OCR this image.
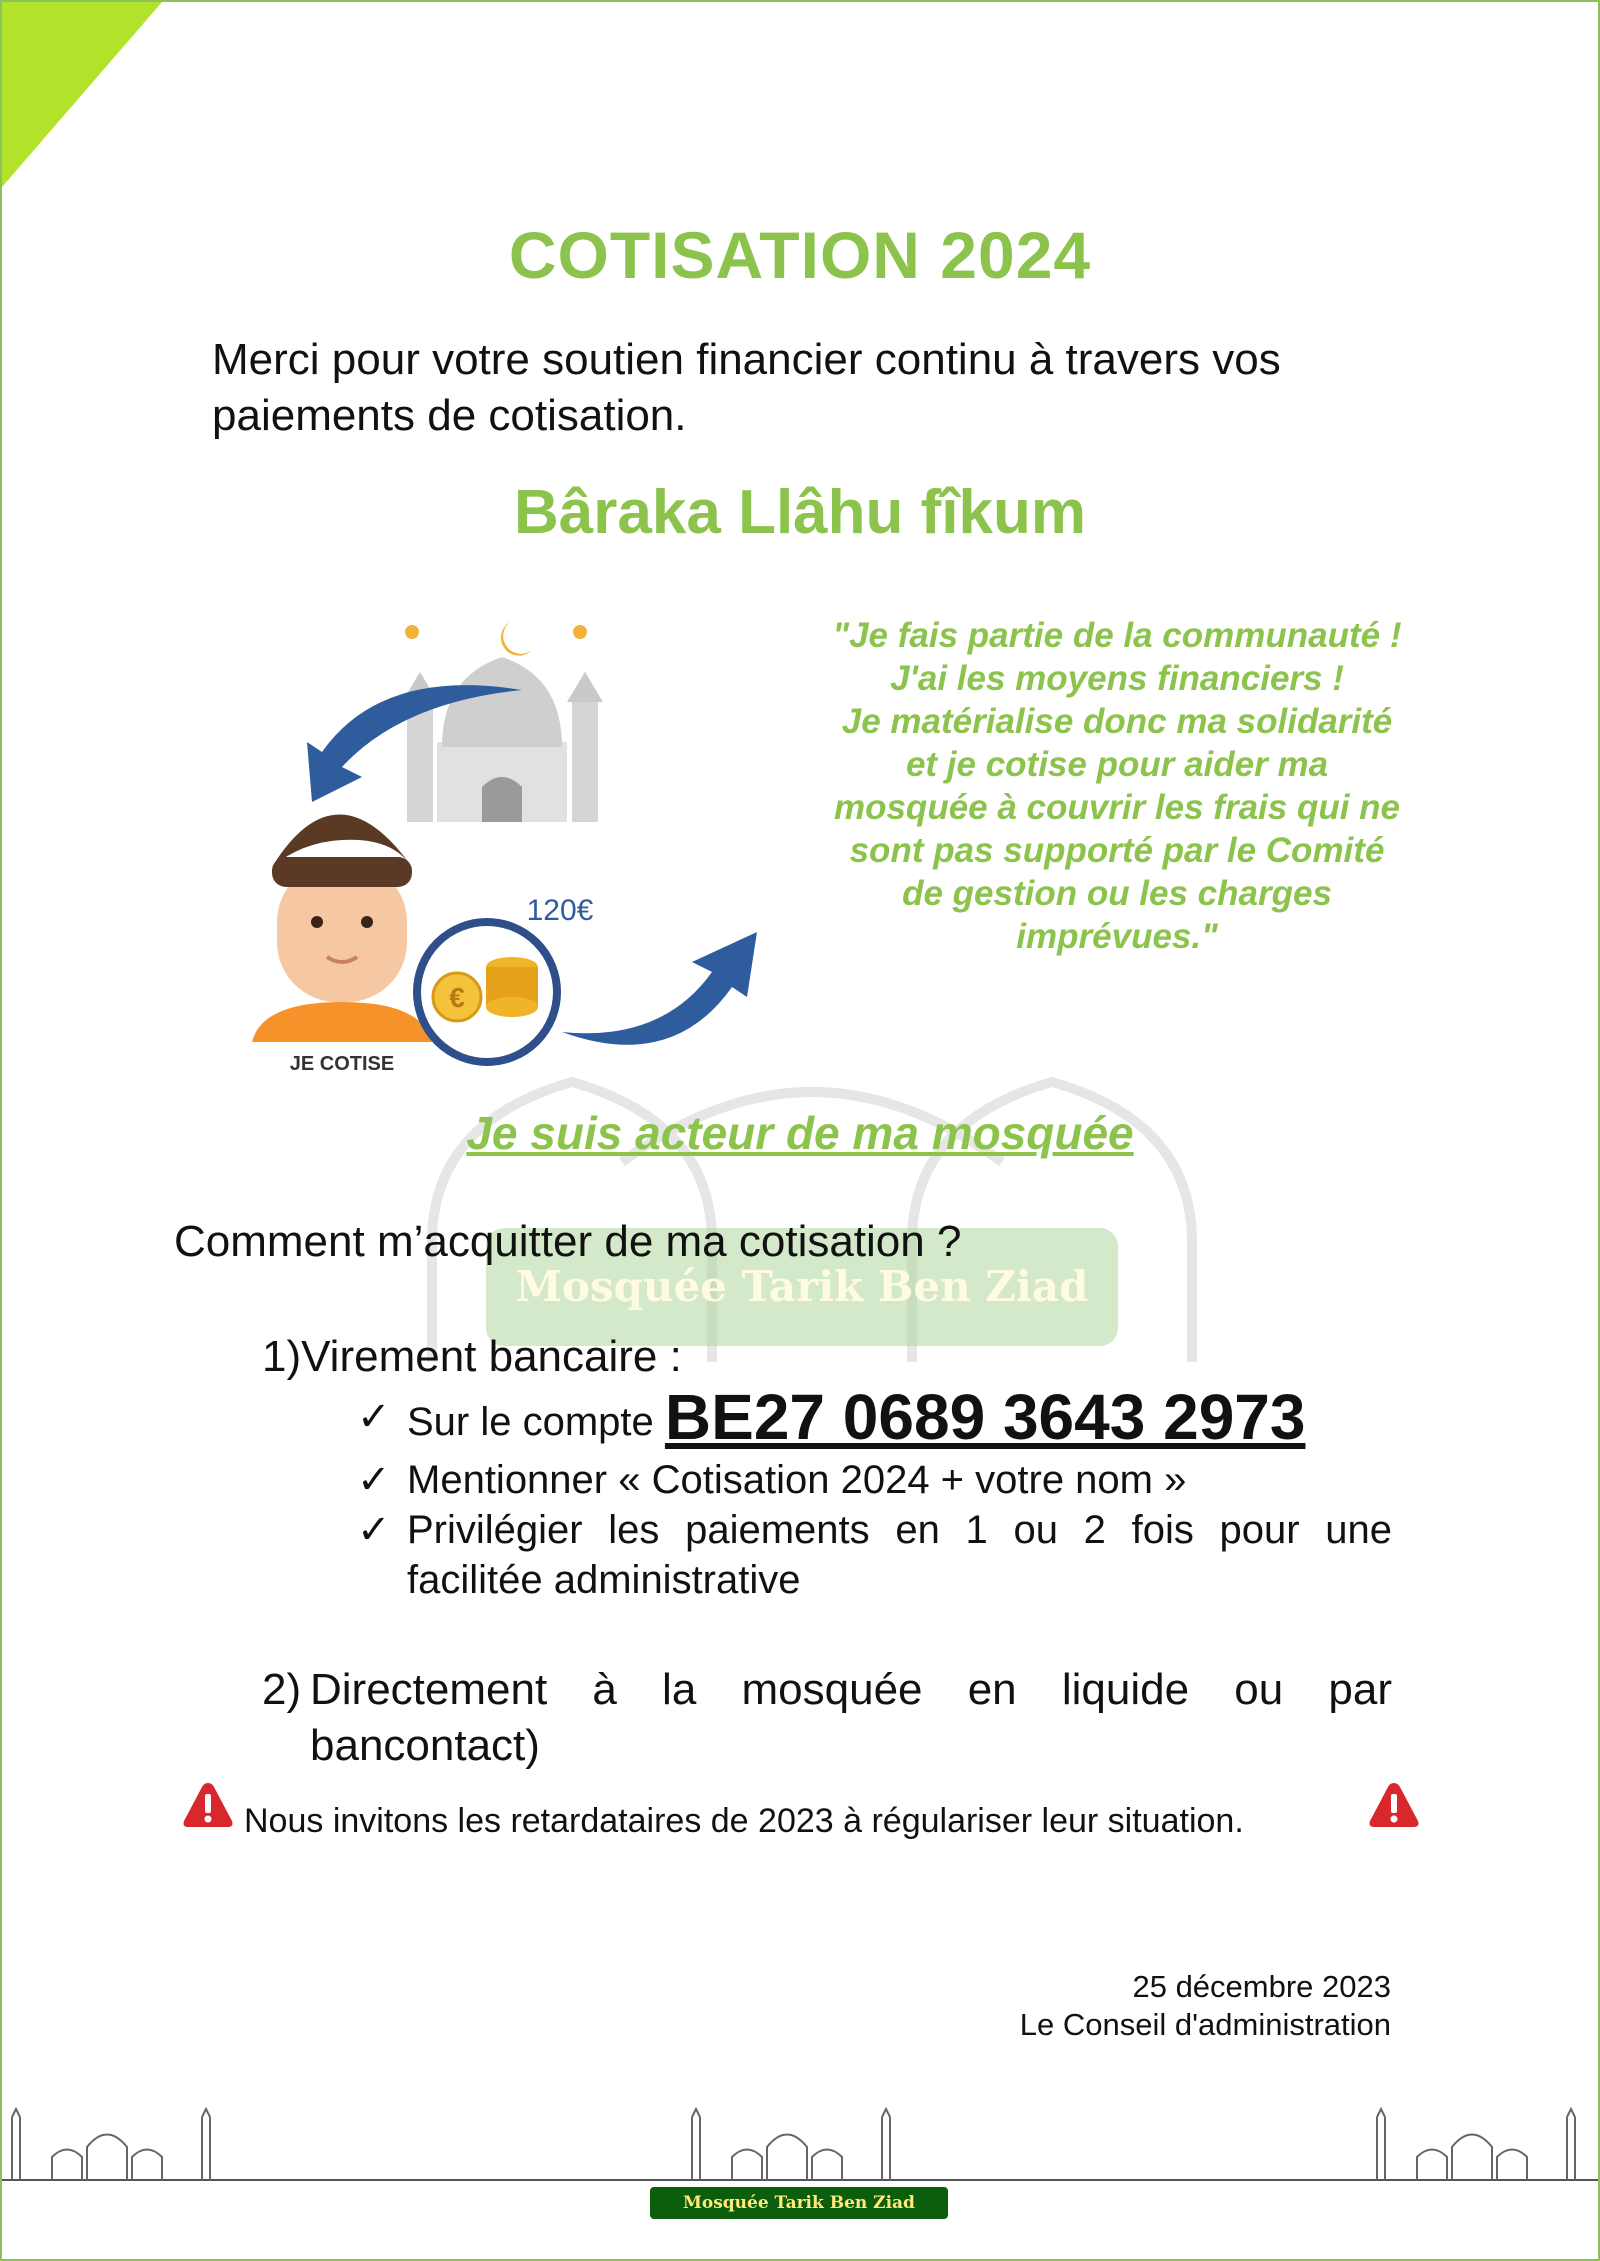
COTISATION 2024
Merci pour votre soutien financier continu à travers vos paiements de cotisation.
Bâraka Llâhu fîkum
€
120€
JE COTISE
"Je fais partie de la communauté ! J'ai les moyens financiers !
Je matérialise donc ma solidarité et je cotise pour aider ma mosquée à couvrir les frais qui ne sont pas supporté par le Comité de gestion ou les charges imprévues."
Je suis acteur de ma mosquée
Mosquée Tarik Ben Ziad
Comment m’acquitter de ma cotisation ?
1)Virement bancaire :
✓ Sur le compte BE27 0689 3643 2973
✓ Mentionner « Cotisation 2024 + votre nom »
✓ Privilégier les paiements en 1 ou 2 fois pour une facilitée administrative
2) Directement à la mosquée en liquide ou par bancontact)
Nous invitons les retardataires de 2023 à régulariser leur situation.
25 décembre 2023
Le Conseil d'administration
Mosquée Tarik Ben Ziad
